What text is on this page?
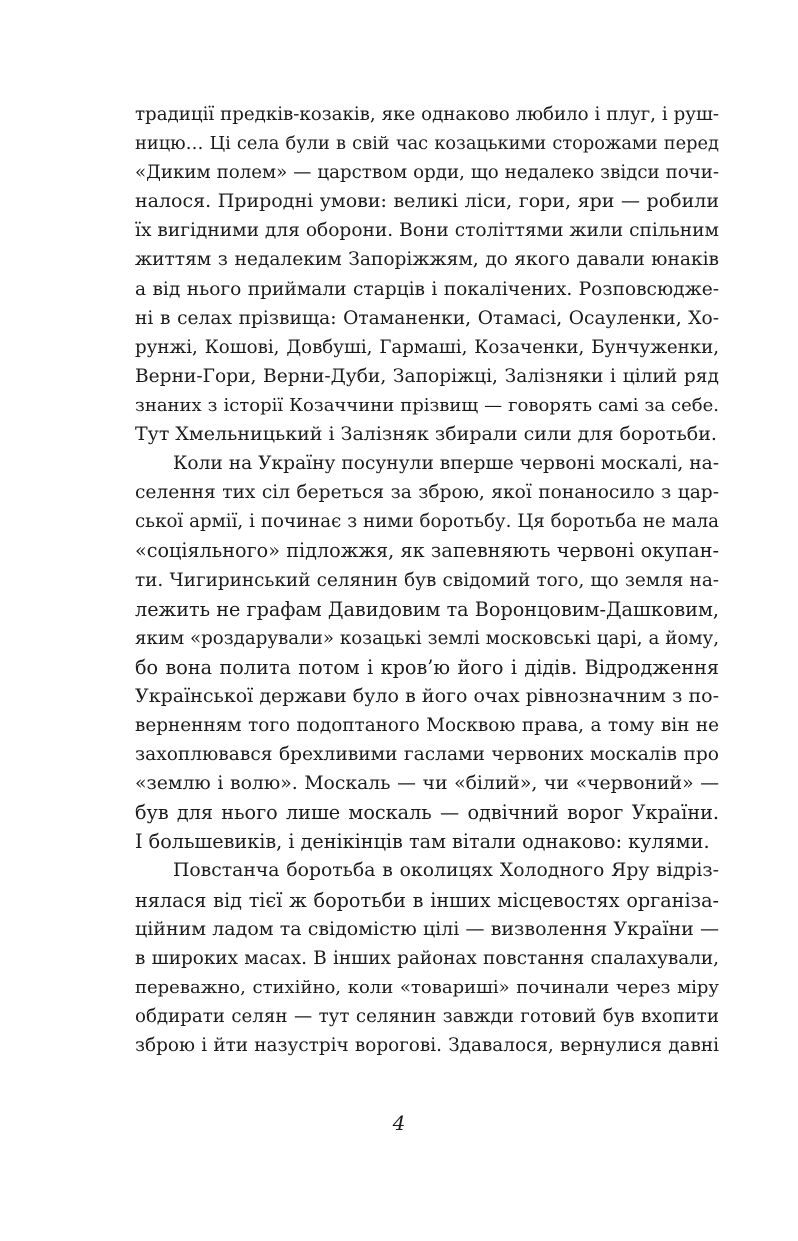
традиції предків-козаків, яке однаково любило і плуг, і руш-
ницю… Ці села були в свій час козацькими сторожами перед
«Диким полем» — царством орди, що недалеко звідси почи-
налося. Природні умови: великі ліси, гори, яри — робили
їх вигідними для оборони. Вони століттями жили спільним
життям з недалеким Запоріжжям, до якого давали юнаків
а від нього приймали старців і покалічених. Розповсюдже-
ні в селах прізвища: Отаманенки, Отамасі, Осауленки, Хо-
рунжі, Кошові, Довбуші, Гармаші, Козаченки, Бунчуженки,
Верни-Гори, Верни-Дуби, Запоріжці, Залізняки і цілий ряд
знаних з історії Козаччини прізвищ — говорять самі за себе.
Тут Хмельницький і Залізняк збирали сили для боротьби.
Коли на Україну посунули вперше червоні москалі, на-
селення тих сіл береться за зброю, якої понаносило з цар-
ської армії, і починає з ними боротьбу. Ця боротьба не мала
«соціяльного» підложжя, як запевняють червоні окупан-
ти. Чигиринський селянин був свідомий того, що земля на-
лежить не графам Давидовим та Воронцовим-Дашковим,
яким «роздарували» козацькі землі московські царі, а йому,
бо вона полита потом і кров’ю його і дідів. Відродження
Української держави було в його очах рівнозначним з по-
верненням того подоптаного Москвою права, а тому він не
захоплювався брехливими гаслами червоних москалів про
«землю і волю». Москаль — чи «білий», чи «червоний» —
був для нього лише москаль — одвічний ворог України.
І большевиків, і денікінців там вітали однаково: кулями.
Повстанча боротьба в околицях Холодного Яру відріз-
нялася від тієї ж боротьби в інших місцевостях організа-
ційним ладом та свідомістю цілі — визволення України —
в широких масах. В інших районах повстання спалахували,
переважно, стихійно, коли «товариші» починали через міру
обдирати селян — тут селянин завжди готовий був вхопити
зброю і йти назустріч ворогові. Здавалося, вернулися давні
4
